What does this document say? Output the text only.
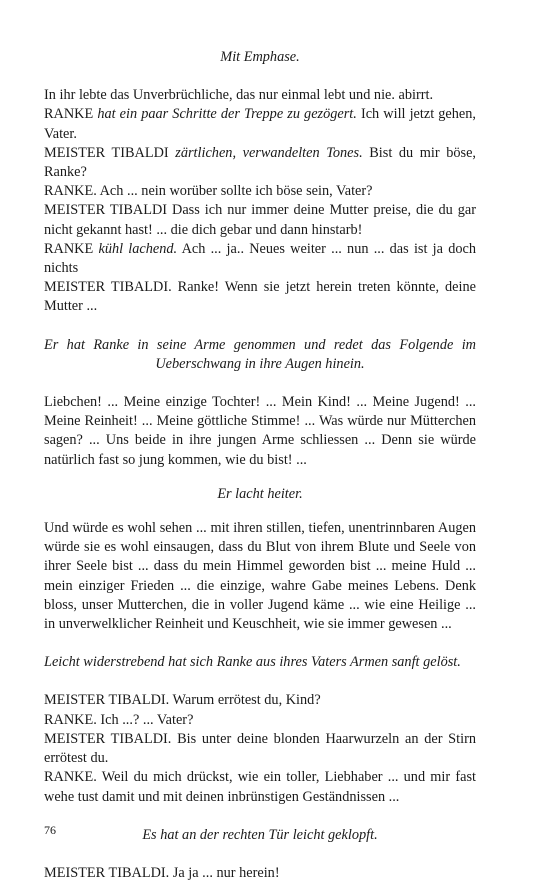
Mit Emphase.

In ihr lebte das Unverbrüchliche, das nur einmal lebt und nie. abirrt.

RANKE hat ein paar Schritte der Treppe zu gezögert. Ich will jetzt gehen, Vater.

MEISTER TIBALDI zärtlichen, verwandelten Tones. Bist du mir böse, Ranke?

RANKE. Ach ... nein worüber sollte ich böse sein, Vater?

MEISTER TIBALDI Dass ich nur immer deine Mutter preise, die du gar nicht gekannt hast! ... die dich gebar und dann hinstarb!

RANKE kühl lachend. Ach ... ja.. Neues weiter ... nun ... das ist ja doch nichts

MEISTER TIBALDI. Ranke! Wenn sie jetzt herein treten könnte, deine Mutter ...

Er hat Ranke in seine Arme genommen und redet das Folgende im Ueberschwang in ihre Augen hinein.

Liebchen! ... Meine einzige Tochter! ... Mein Kind! ... Meine Jugend! ... Meine Reinheit! ... Meine göttliche Stimme! ... Was würde nur Mütterchen sagen? ... Uns beide in ihre jungen Arme schliessen ... Denn sie würde natürlich fast so jung kommen, wie du bist! ...

Er lacht heiter.

Und würde es wohl sehen ... mit ihren stillen, tiefen, unentrinnbaren Augen würde sie es wohl einsaugen, dass du Blut von ihrem Blute und Seele von ihrer Seele bist ... dass du mein Himmel geworden bist ... meine Huld ... mein einziger Frieden ... die einzige, wahre Gabe meines Lebens. Denk bloss, unser Mutterchen, die in voller Jugend käme ... wie eine Heilige ... in unverwelklicher Reinheit und Keuschheit, wie sie immer gewesen ...

Leicht widerstrebend hat sich Ranke aus ihres Vaters Armen sanft gelöst.

MEISTER TIBALDI. Warum errötest du, Kind?

RANKE. Ich ...? ... Vater?

MEISTER TIBALDI. Bis unter deine blonden Haarwurzeln an der Stirn errötest du.

RANKE. Weil du mich drückst, wie ein toller, Liebhaber ... und mir fast wehe tust damit und mit deinen inbrünstigen Geständnissen ...

Es hat an der rechten Tür leicht geklopft.

MEISTER TIBALDI. Ja ja ... nur herein!

76
